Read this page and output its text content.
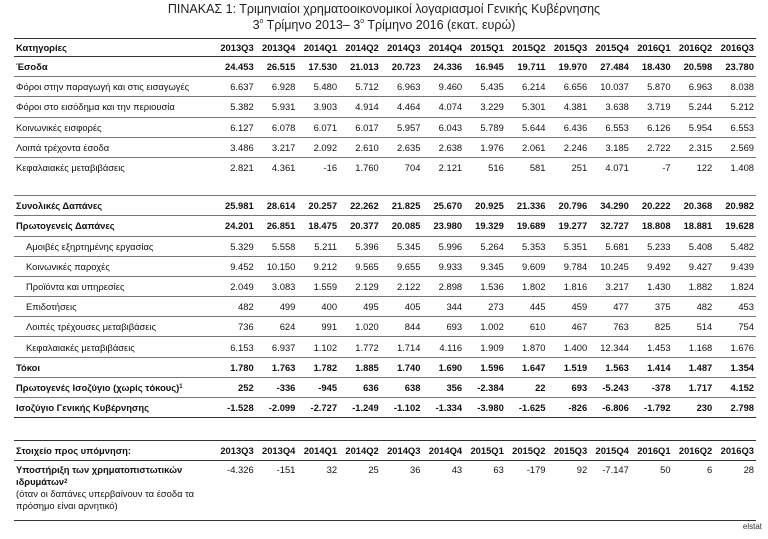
ΠΙΝΑΚΑΣ 1: Τριμηνιαίοι χρηματοοικονομικοί λογαριασμοί Γενικής Κυβέρνησης
$3^o$ Τρίμηνο 2013– $3^o$ Τρίμηνο 2016 (εκατ. ευρώ)
Κατηγορίες	2013Q3	2013Q4	2014Q1	2014Q2	2014Q3	2014Q4	2015Q1	2015Q2	2015Q3	2015Q4	2016Q1	2016Q2	2016Q3
Έσοδα	24.453	26.515	17.530	21.013	20.723	24.336	16.945	19.711	19.970	27.484	18.430	20.598	23.780
Φόροι στην παραγωγή και στις εισαγωγές	6.637	6.928	5.480	5.712	6.963	9.460	5.435	6.214	6.656	10.037	5.870	6.963	8.038
Φόροι στο εισόδημα και την περιουσία	5.382	5.931	3.903	4.914	4.464	4.074	3.229	5.301	4.381	3.638	3.719	5.244	5.212
Κοινωνικές εισφορές	6.127	6.078	6.071	6.017	5.957	6.043	5.789	5.644	6.436	6.553	6.126	5.954	6.553
Λοιπά τρέχοντα έσοδα	3.486	3.217	2.092	2.610	2.635	2.638	1.976	2.061	2.246	3.185	2.722	2.315	2.569
Κεφαλαιακές μεταβιβάσεις	2.821	4.361	-16	1.760	704	2.121	516	581	251	4.071	-7	122	1.408

Συνολικές Δαπάνες	25.981	28.614	20.257	22.262	21.825	25.670	20.925	21.336	20.796	34.290	20.222	20.368	20.982
Πρωτογενείς Δαπάνες	24.201	26.851	18.475	20.377	20.085	23.980	19.329	19.689	19.277	32.727	18.808	18.881	19.628
Αμοιβές εξηρτημένης εργασίας	5.329	5.558	5.211	5.396	5.345	5.996	5.264	5.353	5.351	5.681	5.233	5.408	5.482
Κοινωνικές παροχές	9.452	10.150	9.212	9.565	9.655	9.933	9.345	9.609	9.784	10.245	9.492	9.427	9.439
Προϊόντα και υπηρεσίες	2.049	3.083	1.559	2.129	2.122	2.898	1.536	1.802	1.816	3.217	1.430	1.882	1.824
Επιδοτήσεις	482	499	400	495	405	344	273	445	459	477	375	482	453
Λοιπές τρέχουσες μεταβιβάσεις	736	624	991	1.020	844	693	1.002	610	467	763	825	514	754
Κεφαλαιακές μεταβιβάσεις	6.153	6.937	1.102	1.772	1.714	4.116	1.909	1.870	1.400	12.344	1.453	1.168	1.676
Τόκοι	1.780	1.763	1.782	1.885	1.740	1.690	1.596	1.647	1.519	1.563	1.414	1.487	1.354
Πρωτογενές Ισοζύγιο (χωρίς τόκους)$^1$	252	-336	-945	636	638	356	-2.384	22	693	-5.243	-378	1.717	4.152
Ισοζύγιο Γενικής Κυβέρνησης	-1.528	-2.099	-2.727	-1.249	-1.102	-1.334	-3.980	-1.625	-826	-6.806	-1.792	230	2.798
Στοιχείο προς υπόμνηση:	2013Q3	2013Q4	2014Q1	2014Q2	2014Q3	2014Q4	2015Q1	2015Q2	2015Q3	2015Q4	2016Q1	2016Q2	2016Q3
Υποστήριξη των χρηματοπιστωτικών ιδρυμάτων$^2$
(όταν οι δαπάνες υπερβαίνουν τα έσοδα τα πρόσημο είναι αρνητικό)	-4.326	-151	32	25	36	43	63	-179	92	-7.147	50	6	28
elstat
